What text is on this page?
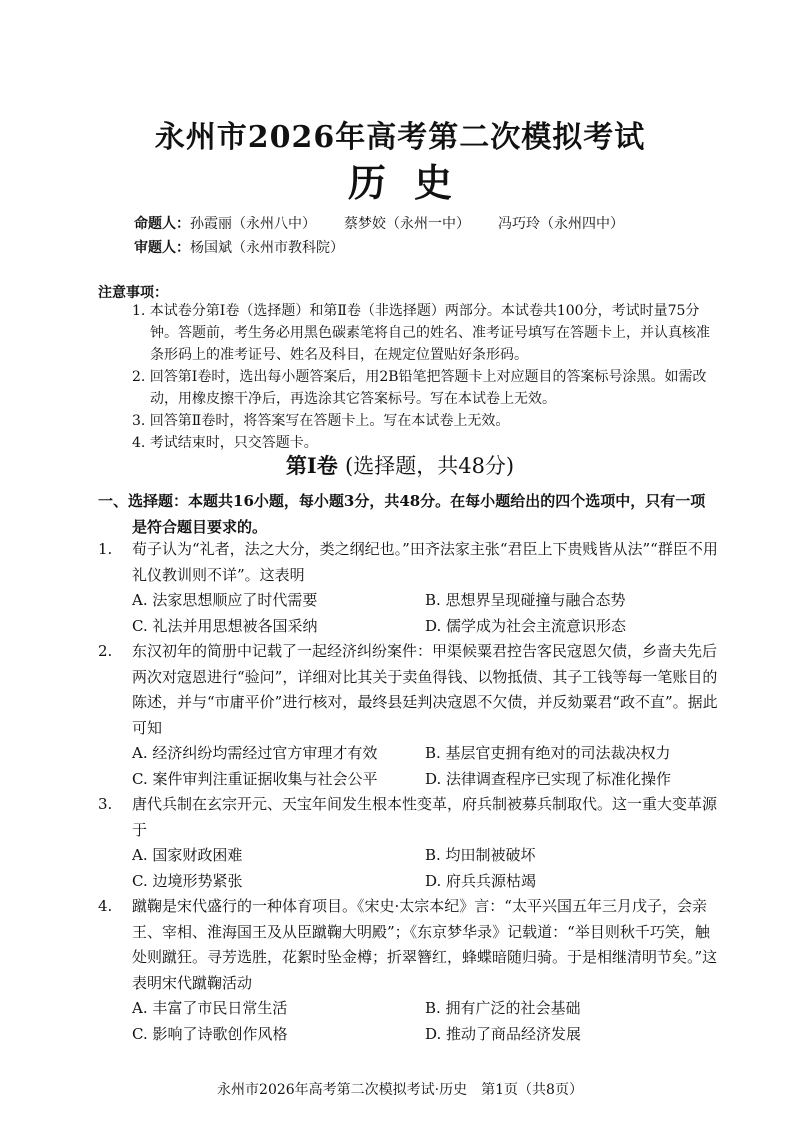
永州市2026年高考第二次模拟考试
历史
命题人：孙霞丽（永州八中） 蔡梦姣（永州一中） 冯巧玲（永州四中）
审题人：杨国斌（永州市教科院）
注意事项：
1. 本试卷分第Ⅰ卷（选择题）和第Ⅱ卷（非选择题）两部分。本试卷共100分，考试时量75分钟。答题前，考生务必用黑色碳素笔将自己的姓名、准考证号填写在答题卡上，并认真核准条形码上的准考证号、姓名及科目，在规定位置贴好条形码。
2. 回答第Ⅰ卷时，选出每小题答案后，用2B铅笔把答题卡上对应题目的答案标号涂黑。如需改动，用橡皮擦干净后，再选涂其它答案标号。写在本试卷上无效。
3. 回答第Ⅱ卷时，将答案写在答题卡上。写在本试卷上无效。
4. 考试结束时，只交答题卡。
第Ⅰ卷 (选择题，共48分)
一、选择题：本题共16小题，每小题3分，共48分。在每小题给出的四个选项中，只有一项是符合题目要求的。
1. 荀子认为“礼者，法之大分，类之纲纪也。”田齐法家主张“君臣上下贵贱皆从法”“群臣不用礼仪教训则不详”。这表明
A. 法家思想顺应了时代需要	B. 思想界呈现碰撞与融合态势
C. 礼法并用思想被各国采纳	D. 儒学成为社会主流意识形态
2. 东汉初年的简册中记载了一起经济纠纷案件：甲渠候粟君控告客民寇恩欠债，乡啬夫先后两次对寇恩进行“验问”，详细对比其关于卖鱼得钱、以物抵债、其子工钱等每一笔账目的陈述，并与“市庸平价”进行核对，最终县廷判决寇恩不欠债，并反劾粟君“政不直”。据此可知
A. 经济纠纷均需经过官方审理才有效	B. 基层官吏拥有绝对的司法裁决权力
C. 案件审判注重证据收集与社会公平	D. 法律调查程序已实现了标准化操作
3. 唐代兵制在玄宗开元、天宝年间发生根本性变革，府兵制被募兵制取代。这一重大变革源于
A. 国家财政困难	B. 均田制被破坏
C. 边境形势紧张	D. 府兵兵源枯竭
4. 蹴鞠是宋代盛行的一种体育项目。《宋史·太宗本纪》言：“太平兴国五年三月戊子，会亲王、宰相、淮海国王及从臣蹴鞠大明殿”；《东京梦华录》记载道：“举目则秋千巧笑，触处则蹴狂。寻芳选胜，花絮时坠金樽；折翠簪红，蜂蝶暗随归骑。于是相继清明节矣。”这表明宋代蹴鞠活动
A. 丰富了市民日常生活	B. 拥有广泛的社会基础
C. 影响了诗歌创作风格	D. 推动了商品经济发展
永州市2026年高考第二次模拟考试·历史　第1页（共8页）
